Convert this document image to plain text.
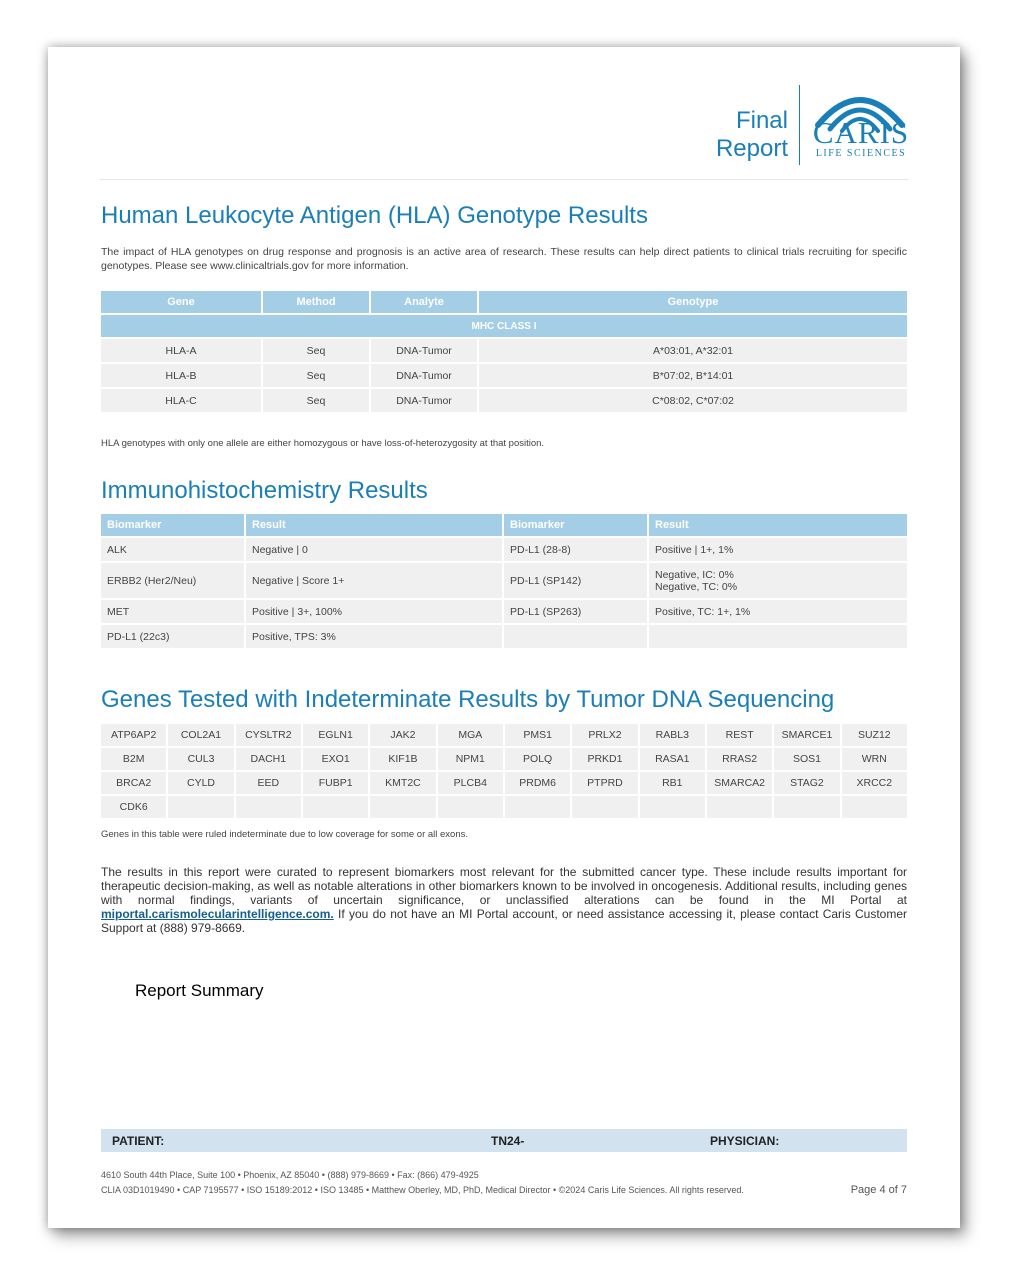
Final Report CARIS
LIFE SCIENCES
Human Leukocyte Antigen (HLA) Genotype Results

The impact of HLA genotypes on drug response and prognosis is an active area of research. These results can help direct patients to clinical trials recruiting for specific genotypes. Please see www.clinicaltrials.gov for more information.

Gene	Method	Analyte	Genotype
MHC CLASS I			
HLA-A	Seq	DNA-Tumor	A*03:01, A*32:01
HLA-B	Seq	DNA-Tumor	B*07:02, B*14:01
HLA-C	Seq	DNA-Tumor	C*08:02, C*07:02

HLA genotypes with only one allele are either homozygous or have loss-of-heterozygosity at that position.

Immunohistochemistry Results
Biomarker	Result	Biomarker	Result
ALK	Negative | 0	PD-L1 (28-8)	Positive | 1+, 1%
ERBB2 (Her2/Neu)	Negative | Score 1+	PD-L1 (SP142)	Negative, IC: 0%
Negative, TC: 0%

MET	Positive | 3+, 100%	PD-L1 (SP263)	Positive, TC: 1+, 1%
PD-L1 (22c3)	Positive, TPS: 3%		
Genes Tested with Indeterminate Results by Tumor DNA Sequencing
ATP6AP2	COL2A1	CYSLTR2	EGLN1	JAK2	MGA	PMS1	PRLX2	RABL3	REST	SMARCE1	SUZ12
B2M	CUL3	DACH1	EXO1	KIF1B	NPM1	POLQ	PRKD1	RASA1	RRAS2	SOS1	WRN
BRCA2	CYLD	EED	FUBP1	KMT2C	PLCB4	PRDM6	PTPRD	RB1	SMARCA2	STAG2	XRCC2
CDK6											

Genes in this table were ruled indeterminate due to low coverage for some or all exons.

The results in this report were curated to represent biomarkers most relevant for the submitted cancer type. These include results important for therapeutic decision-making, as well as notable alterations in other biomarkers known to be involved in oncogenesis. Additional results, including genes with normal findings, variants of uncertain significance, or unclassified alterations can be found in the MI Portal at miportal.carismolecularintelligence.com. If you do not have an MI Portal account, or need assistance accessing it, please contact Caris Customer Support at (888) 979-8669.

Report Summary
PATIENT:	TN24-	PHYSICIAN:
4610 South 44th Place, Suite 100 • Phoenix, AZ 85040 • (888) 979-8669 • Fax: (866) 479-4925
CLIA 03D1019490 • CAP 7195577 • ISO 15189:2012 • ISO 13485 • Matthew Oberley, MD, PhD, Medical Director • ©2024 Caris Life Sciences. All rights reserved.	Page 4 of 7
